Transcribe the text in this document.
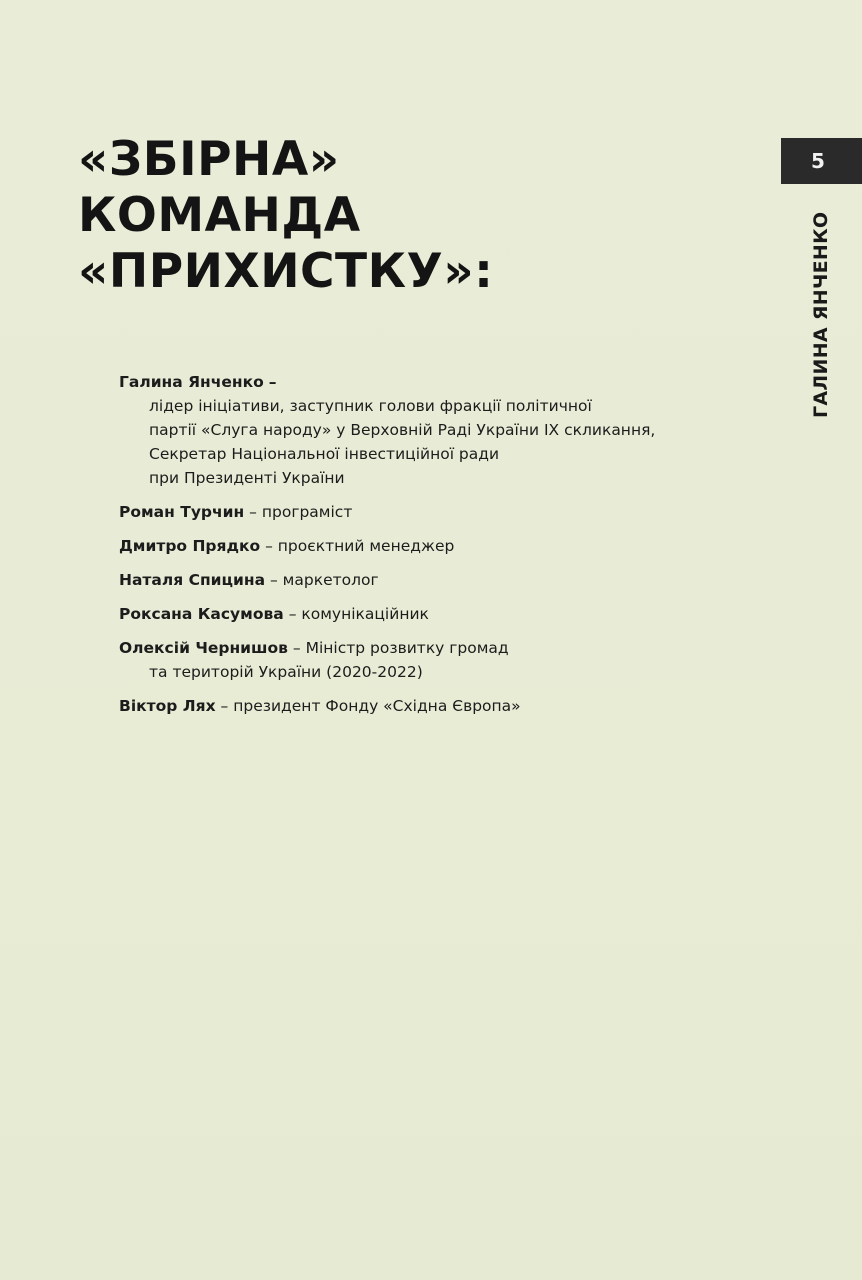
«ЗБІРНА»
КОМАНДА
«ПРИХИСТКУ»:
5
ГАЛИНА ЯНЧЕНКО
Галина Янченко –
лідер ініціативи, заступник голови фракції політичної
партії «Слуга народу» у Верховній Раді України IX скликання,
Секретар Національної інвестиційної ради
при Президенті України
Роман Турчин – програміст
Дмитро Прядко – проєктний менеджер
Наталя Спицина – маркетолог
Роксана Касумова – комунікаційник
Олексій Чернишов – Міністр розвитку громад
та територій України (2020-2022)
Віктор Лях – президент Фонду «Східна Європа»
